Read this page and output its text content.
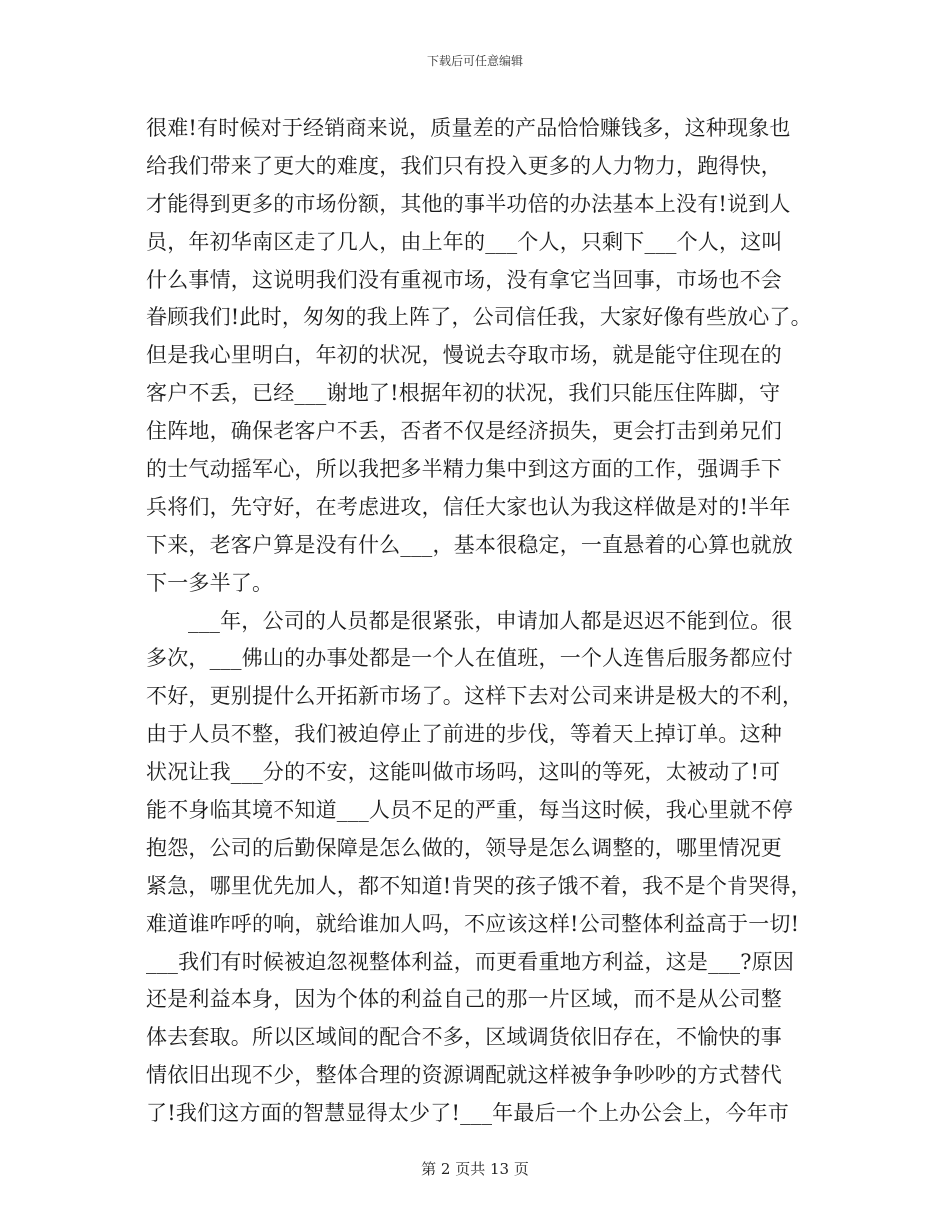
下载后可任意编辑
很难!有时候对于经销商来说，质量差的产品恰恰赚钱多，这种现象也
给我们带来了更大的难度，我们只有投入更多的人力物力，跑得快，
才能得到更多的市场份额，其他的事半功倍的办法基本上没有!说到人
员，年初华南区走了几人，由上年的___个人，只剩下___个人，这叫
什么事情，这说明我们没有重视市场，没有拿它当回事，市场也不会
眷顾我们!此时，匆匆的我上阵了，公司信任我，大家好像有些放心了。
但是我心里明白，年初的状况，慢说去夺取市场，就是能守住现在的
客户不丢，已经___谢地了!根据年初的状况，我们只能压住阵脚，守
住阵地，确保老客户不丢，否者不仅是经济损失，更会打击到弟兄们
的士气动摇军心，所以我把多半精力集中到这方面的工作，强调手下
兵将们，先守好，在考虑进攻，信任大家也认为我这样做是对的!半年
下来，老客户算是没有什么___，基本很稳定，一直悬着的心算也就放
下一多半了。
___年，公司的人员都是很紧张，申请加人都是迟迟不能到位。很
多次，___佛山的办事处都是一个人在值班，一个人连售后服务都应付
不好，更别提什么开拓新市场了。这样下去对公司来讲是极大的不利，
由于人员不整，我们被迫停止了前进的步伐，等着天上掉订单。这种
状况让我___分的不安，这能叫做市场吗，这叫的等死，太被动了!可
能不身临其境不知道___人员不足的严重，每当这时候，我心里就不停
抱怨，公司的后勤保障是怎么做的，领导是怎么调整的，哪里情况更
紧急，哪里优先加人，都不知道!肯哭的孩子饿不着，我不是个肯哭得，
难道谁咋呼的响，就给谁加人吗，不应该这样!公司整体利益高于一切!
___我们有时候被迫忽视整体利益，而更看重地方利益，这是___?原因
还是利益本身，因为个体的利益自己的那一片区域，而不是从公司整
体去套取。所以区域间的配合不多，区域调货依旧存在，不愉快的事
情依旧出现不少，整体合理的资源调配就这样被争争吵吵的方式替代
了!我们这方面的智慧显得太少了!___年最后一个上办公会上，今年市
第 2 页共 13 页
